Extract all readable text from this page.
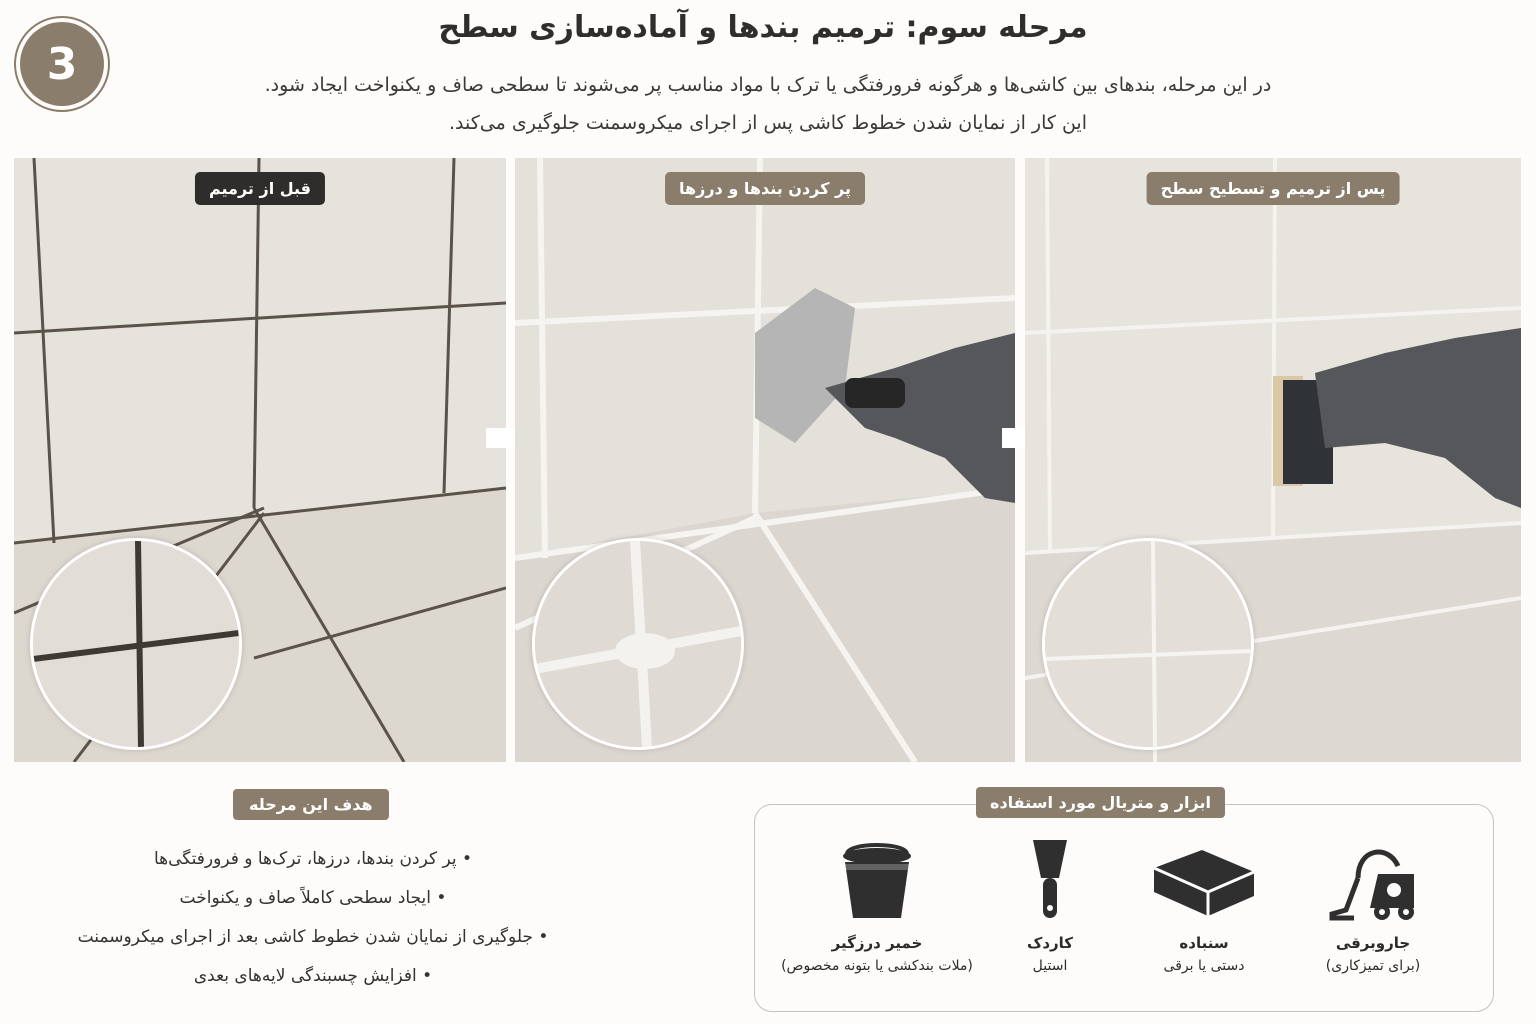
3
مرحله سوم: ترمیم بندها و آماده‌سازی سطح
در این مرحله، بندهای بین کاشی‌ها و هرگونه فرورفتگی یا ترک با مواد مناسب پر می‌شوند تا سطحی صاف و یکنواخت ایجاد شود.
این کار از نمایان شدن خطوط کاشی پس از اجرای میکروسمنت جلوگیری می‌کند.
قبل از ترمیم	پر کردن بندها و درزها	پس از ترمیم و تسطیح سطح
هدف این مرحله
• پر کردن بندها، درزها، ترک‌ها و فرورفتگی‌ها
• ایجاد سطحی کاملاً صاف و یکنواخت
• جلوگیری از نمایان شدن خطوط کاشی بعد از اجرای میکروسمنت
• افزایش چسبندگی لایه‌های بعدی
ابزار و متریال مورد استفاده
جاروبرقی
(برای تمیزکاری)
سنباده
دستی یا برقی
کاردک
استیل
خمیر درزگیر
(ملات بندکشی یا بتونه مخصوص)
